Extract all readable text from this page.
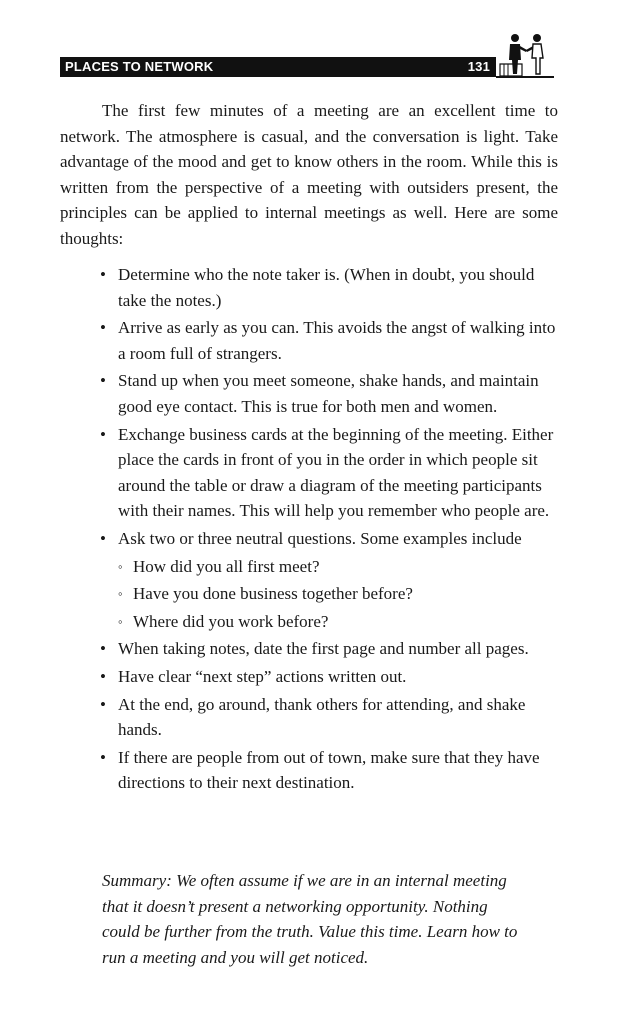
PLACES TO NETWORK	131

The first few minutes of a meeting are an excellent time to network. The atmosphere is casual, and the conversation is light. Take advantage of the mood and get to know others in the room. While this is written from the perspective of a meeting with outsiders present, the principles can be applied to internal meetings as well. Here are some thoughts:

• Determine who the note taker is. (When in doubt, you should take the notes.)
• Arrive as early as you can. This avoids the angst of walking into a room full of strangers.
• Stand up when you meet someone, shake hands, and maintain good eye contact. This is true for both men and women.
• Exchange business cards at the beginning of the meeting. Either place the cards in front of you in the order in which people sit around the table or draw a diagram of the meeting participants with their names. This will help you remember who people are.
• Ask two or three neutral questions. Some examples include
◦ How did you all first meet?
◦ Have you done business together before?
◦ Where did you work before?
• When taking notes, date the first page and number all pages.
• Have clear “next step” actions written out.
• At the end, go around, thank others for attending, and shake hands.
• If there are people from out of town, make sure that they have directions to their next destination.

Summary: We often assume if we are in an internal meeting that it doesn’t present a networking opportunity. Nothing could be further from the truth. Value this time. Learn how to run a meeting and you will get noticed.
